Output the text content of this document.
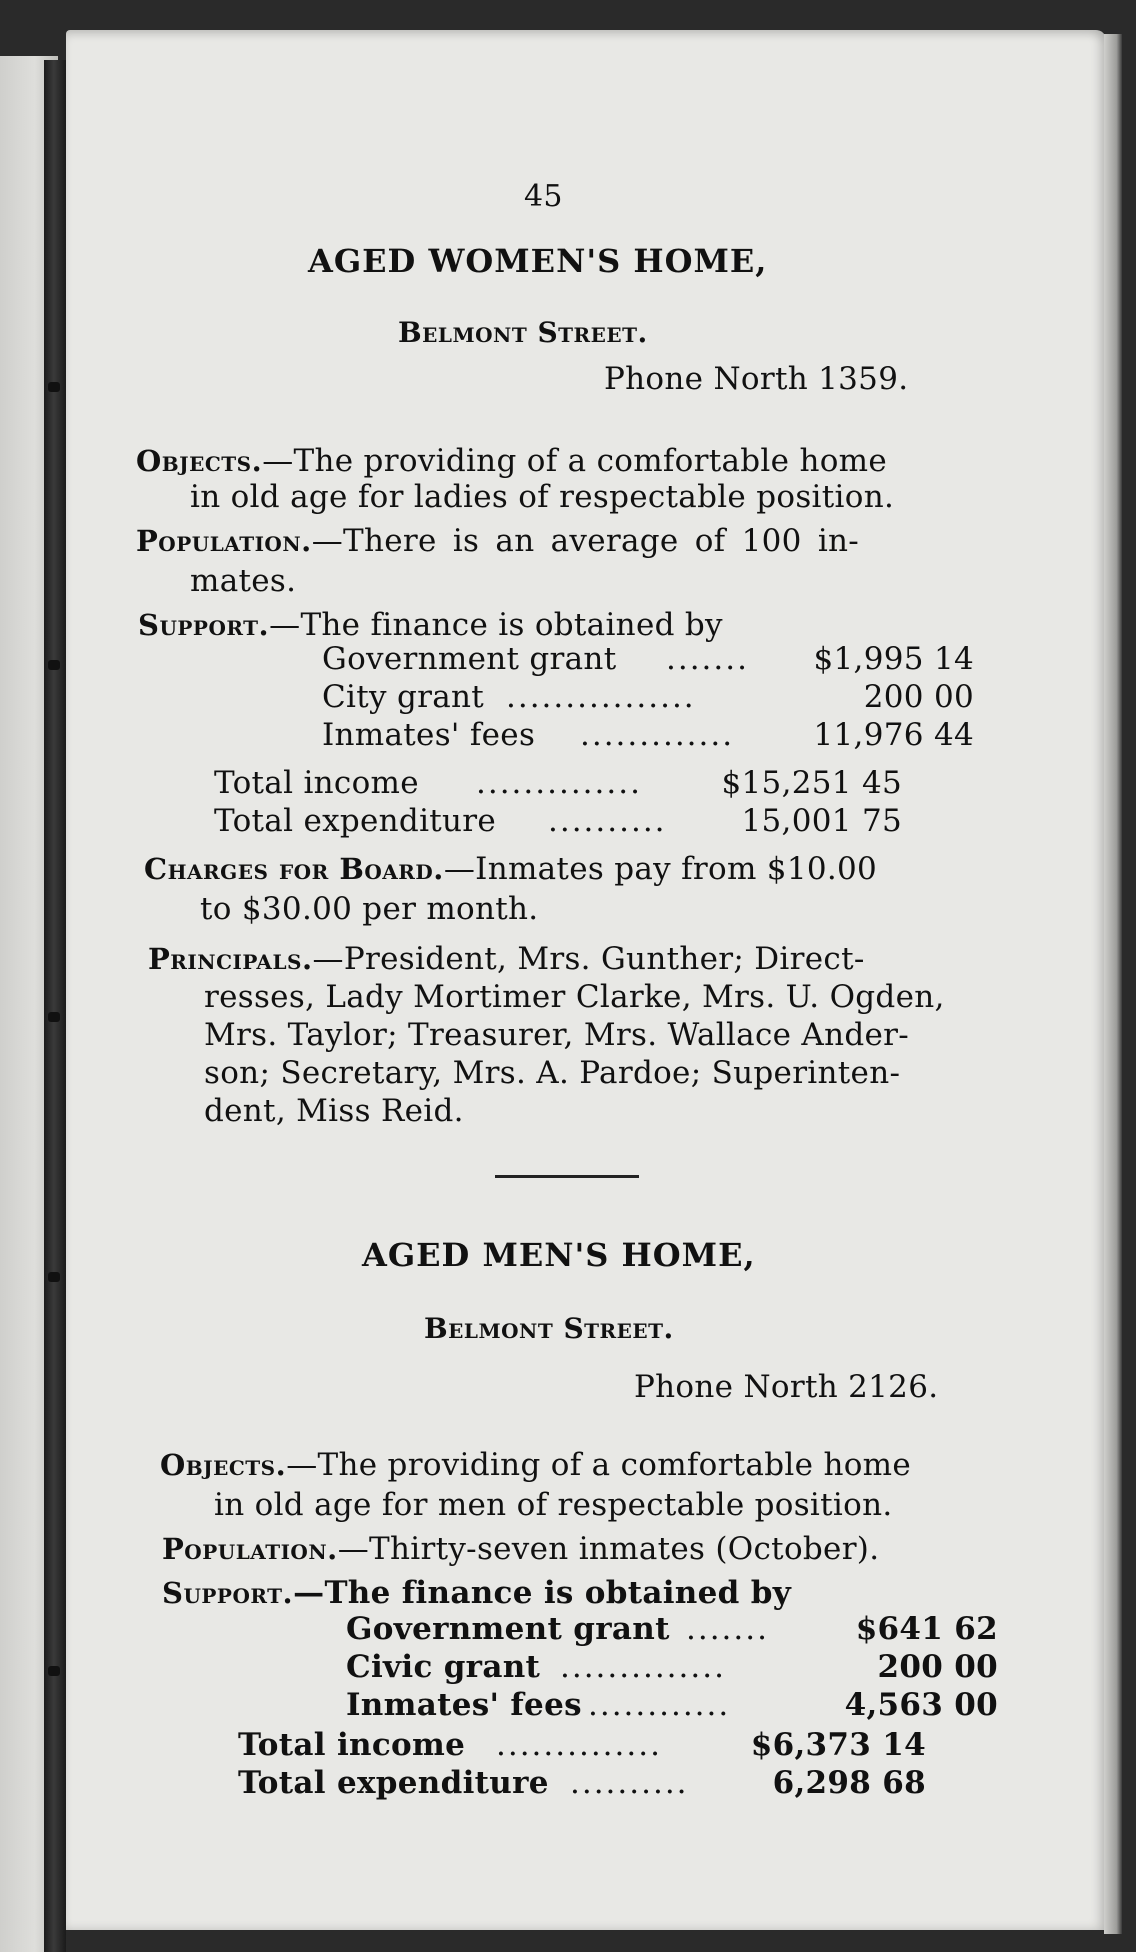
45
AGED WOMEN'S HOME,
Belmont Street.
Phone North 1359.
Objects.—The providing of a comfortable home
in old age for ladies of respectable position.
Population.—There is an average of 100 in-
mates.
Support.—The finance is obtained by
Government grant ....... $1,995 14
City grant ................	200 00
Inmates' fees .............	11,976 44
Total income ..............	$15,251 45
Total expenditure .......... 15,001 75
Charges for Board.—Inmates pay from $10.00
to $30.00 per month.
Principals.—President, Mrs. Gunther; Direct-
resses, Lady Mortimer Clarke, Mrs. U. Ogden,
Mrs. Taylor; Treasurer, Mrs. Wallace Ander-
son; Secretary, Mrs. A. Pardoe; Superinten-
dent, Miss Reid.
AGED MEN'S HOME,
Belmont Street.
Phone North 2126.
Objects.—The providing of a comfortable home
in old age for men of respectable position.
Population.—Thirty-seven inmates (October).
Support.—The finance is obtained by
Government grant .......	$641 62
Civic grant ..............	200 00
Inmates' fees ............	4,563 00
Total income ..............	$6,373 14
Total expenditure ..........	6,298 68
